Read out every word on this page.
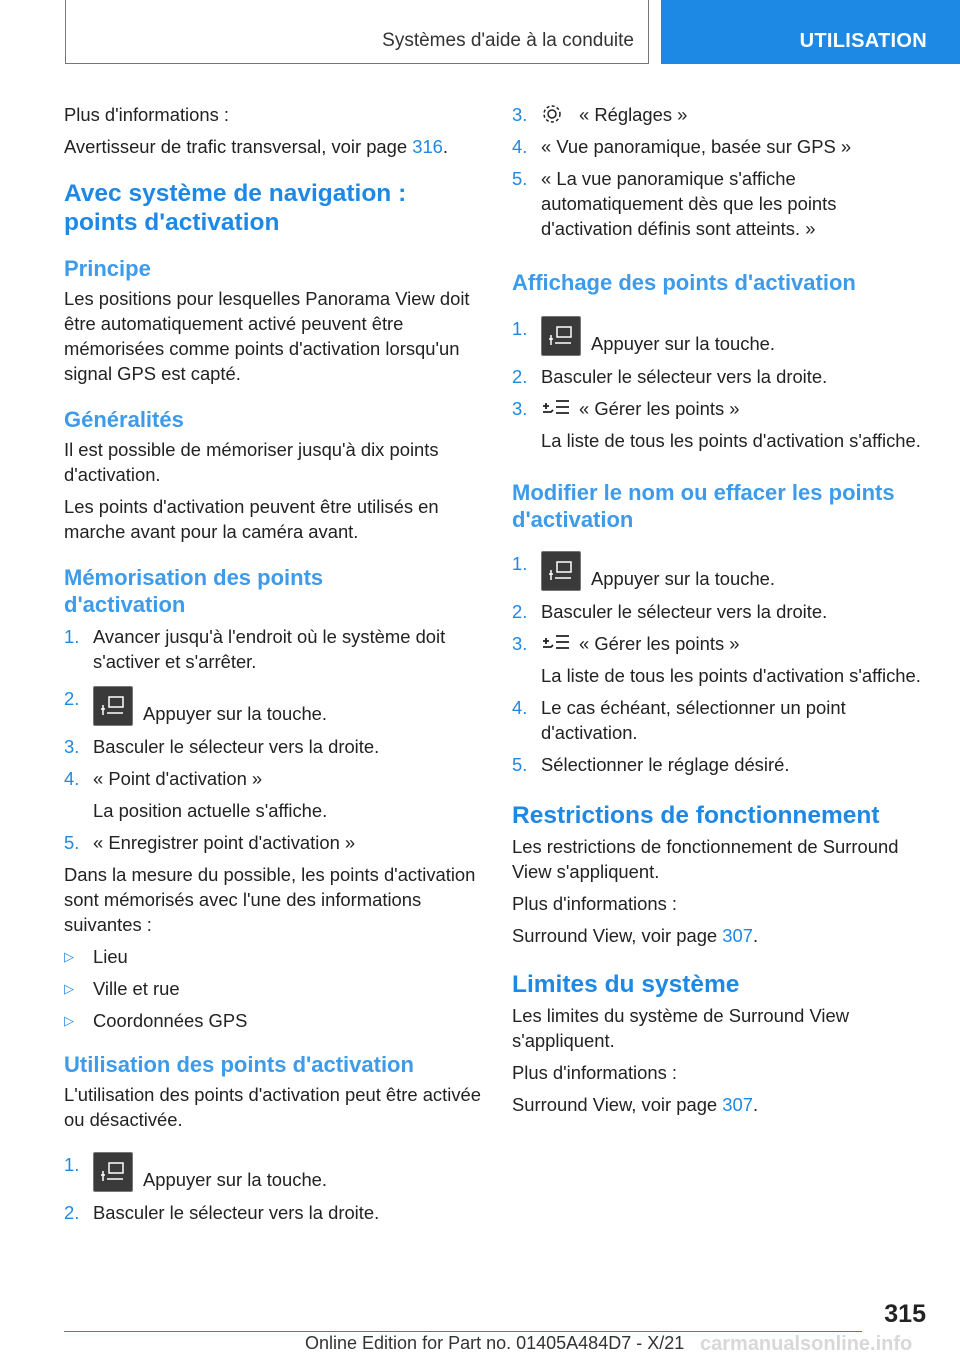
Systèmes d'aide à la conduite	UTILISATION

Plus d'informations :

Avertisseur de trafic transversal, voir page 316.

Avec système de navigation : points d'activation
Principe

Les positions pour lesquelles Panorama View doit être automatiquement activé peuvent être mémorisées comme points d'activation lorsqu'un signal GPS est capté.

Généralités

Il est possible de mémoriser jusqu'à dix points d'activation.

Les points d'activation peuvent être utilisés en marche avant pour la caméra avant.

Mémorisation des points d'activation
1. Avancer jusqu'à l'endroit où le système doit s'activer et s'arrêter.
2.
Appuyer sur la touche.
3. Basculer le sélecteur vers la droite.
4. « Point d'activation »
La position actuelle s'affiche.
5. « Enregistrer point d'activation »

Dans la mesure du possible, les points d'activation sont mémorisés avec l'une des informations suivantes :

▷	Lieu
▷	Ville et rue
▷	Coordonnées GPS
Utilisation des points d'activation

L'utilisation des points d'activation peut être activée ou désactivée.

1.
Appuyer sur la touche.
2. Basculer le sélecteur vers la droite.
3.	« Réglages »
4. « Vue panoramique, basée sur GPS »
5. « La vue panoramique s'affiche automatiquement dès que les points d'activation définis sont atteints. »
Affichage des points d'activation
1.
Appuyer sur la touche.
2. Basculer le sélecteur vers la droite.
3.	« Gérer les points »
La liste de tous les points d'activation s'affiche.
Modifier le nom ou effacer les points d'activation
1.
Appuyer sur la touche.
2. Basculer le sélecteur vers la droite.
3.	« Gérer les points »
La liste de tous les points d'activation s'affiche.
4. Le cas échéant, sélectionner un point d'activation.
5. Sélectionner le réglage désiré.
Restrictions de fonctionnement

Les restrictions de fonctionnement de Surround View s'appliquent.

Plus d'informations :

Surround View, voir page 307.

Limites du système

Les limites du système de Surround View s'appliquent.

Plus d'informations :

Surround View, voir page 307.

315
carmanualsonline.info
Online Edition for Part no. 01405A484D7 - X/21
